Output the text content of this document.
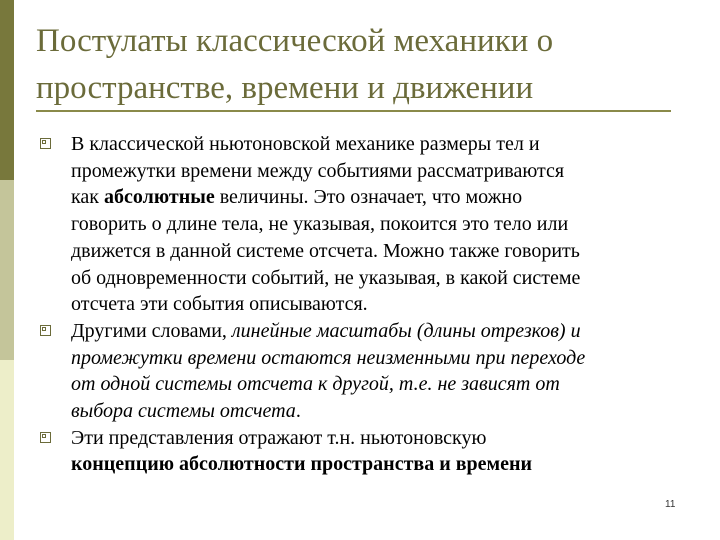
Постулаты классической механики о
пространстве, времени и движении
В классической ньютоновской механике размеры тел и
промежутки времени между событиями рассматриваются
как абсолютные величины. Это означает, что можно
говорить о длине тела, не указывая, покоится это тело или
движется в данной системе отсчета. Можно также говорить
об одновременности событий, не указывая, в какой системе
отсчета эти события описываются.
Другими словами, линейные масштабы (длины отрезков) и
промежутки времени остаются неизменными при переходе
от одной системы отсчета к другой, т.е. не зависят от
выбора системы отсчета.
Эти представления отражают т.н. ньютоновскую
концепцию абсолютности пространства и времени
11
